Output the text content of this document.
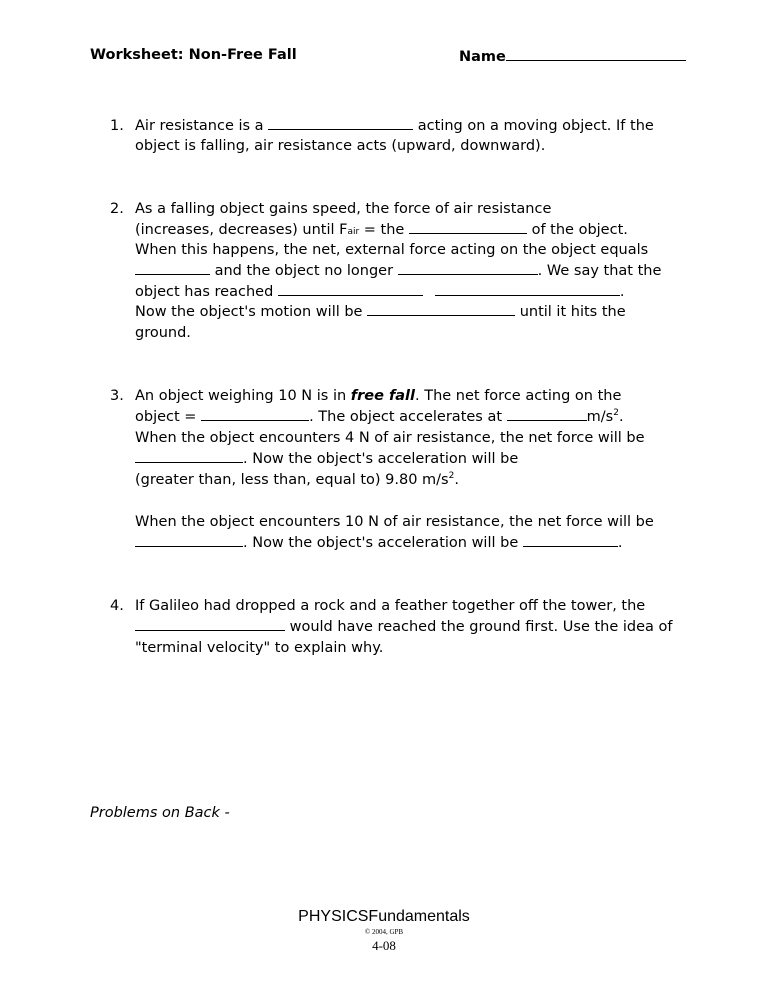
Worksheet: Non-Free Fall	Name
1. Air resistance is a	acting on a moving object. If the
object is falling, air resistance acts (upward, downward).
2. As a falling object gains speed, the force of air resistance
(increases, decreases) until Fair = the	of the object.
When this happens, the net, external force acting on the object equals
and the object no longer	. We say that the
object has reached	.
Now the object's motion will be	until it hits the
ground.
3. An object weighing 10 N is in free fall. The net force acting on the
object =	. The object accelerates at	$m/s^2$.
When the object encounters 4 N of air resistance, the net force will be
. Now the object's acceleration will be
(greater than, less than, equal to) 9.80 $m/s^2$.
When the object encounters 10 N of air resistance, the net force will be
. Now the object's acceleration will be	.
4. If Galileo had dropped a rock and a feather together off the tower, the
would have reached the ground first. Use the idea of
"terminal velocity" to explain why.
Problems on Back -
PHYSICSFundamentals
© 2004, GPB
4-08
